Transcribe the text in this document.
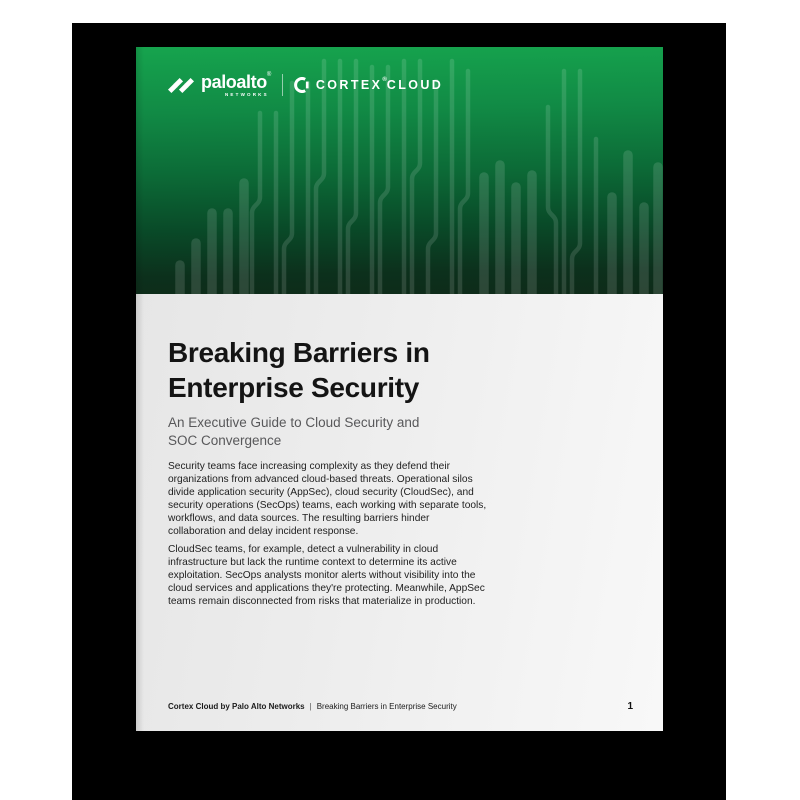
paloalto®
NETWORKS
CORTEX®CLOUD
Breaking Barriers in
Enterprise Security
An Executive Guide to Cloud Security and
SOC Convergence
Security teams face increasing complexity as they defend their organizations from advanced cloud-based threats. Operational silos divide application security (AppSec), cloud security (CloudSec), and security operations (SecOps) teams, each working with separate tools, workflows, and data sources. The resulting barriers hinder collaboration and delay incident response.
CloudSec teams, for example, detect a vulnerability in cloud infrastructure but lack the runtime context to determine its active exploitation. SecOps analysts monitor alerts without visibility into the cloud services and applications they're protecting. Meanwhile, AppSec teams remain disconnected from risks that materialize in production.
Cortex Cloud by Palo Alto Networks | Breaking Barriers in Enterprise Security	1
